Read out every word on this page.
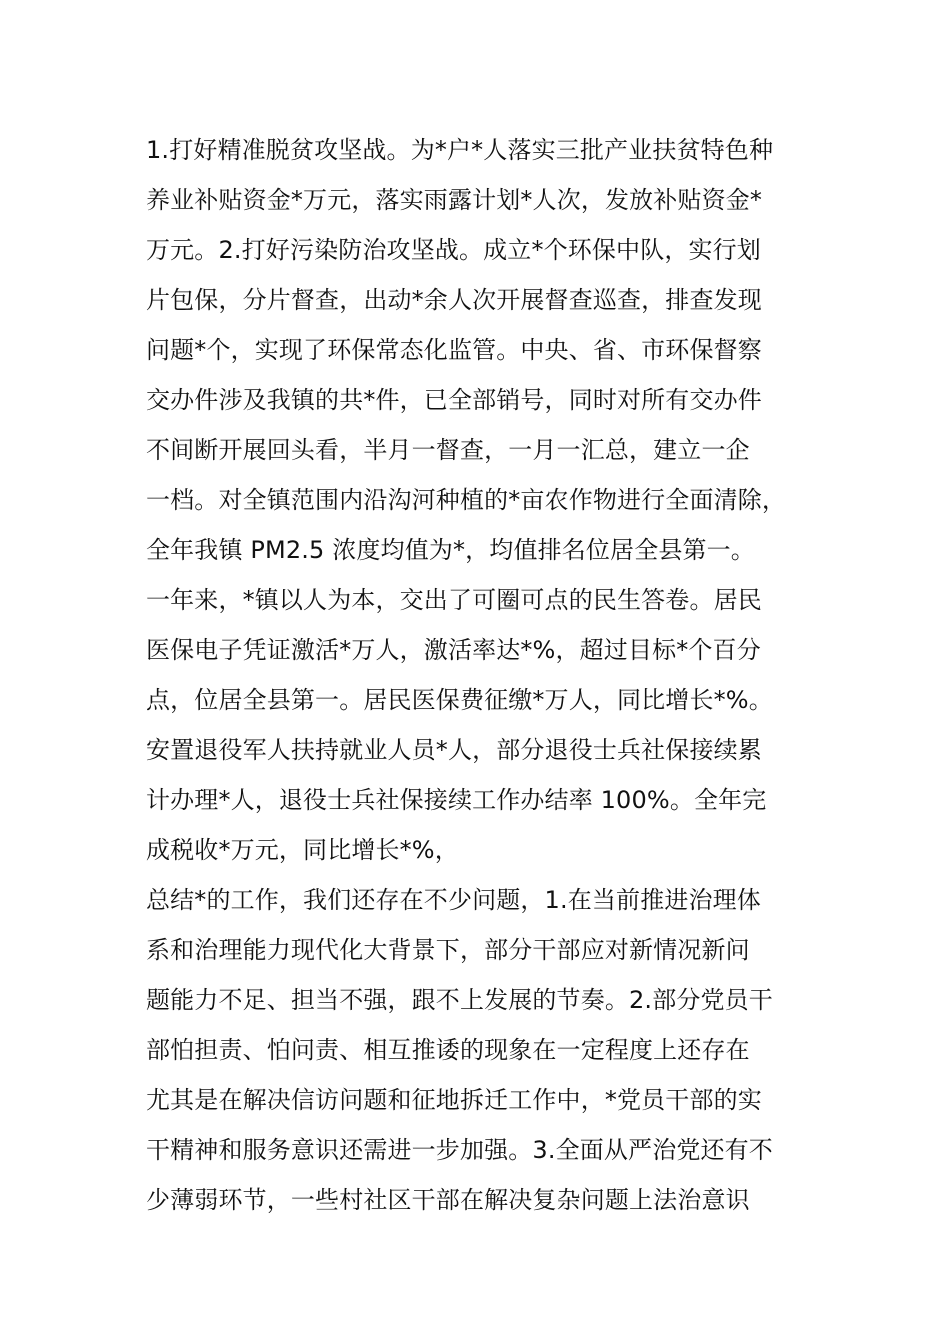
1.打好精准脱贫攻坚战。为*户*人落实三批产业扶贫特色种
养业补贴资金*万元，落实雨露计划*人次，发放补贴资金*
万元。2.打好污染防治攻坚战。成立*个环保中队，实行划
片包保，分片督查，出动*余人次开展督查巡查，排查发现
问题*个，实现了环保常态化监管。中央、省、市环保督察
交办件涉及我镇的共*件，已全部销号，同时对所有交办件
不间断开展回头看，半月一督查，一月一汇总，建立一企
一档。对全镇范围内沿沟河种植的*亩农作物进行全面清除，
全年我镇 PM2.5 浓度均值为*，均值排名位居全县第一。
一年来，*镇以人为本，交出了可圈可点的民生答卷。居民
医保电子凭证激活*万人，激活率达*%，超过目标*个百分
点，位居全县第一。居民医保费征缴*万人，同比增长*%。
安置退役军人扶持就业人员*人，部分退役士兵社保接续累
计办理*人，退役士兵社保接续工作办结率 100%。全年完
成税收*万元，同比增长*%，
总结*的工作，我们还存在不少问题，1.在当前推进治理体
系和治理能力现代化大背景下，部分干部应对新情况新问
题能力不足、担当不强，跟不上发展的节奏。2.部分党员干
部怕担责、怕问责、相互推诿的现象在一定程度上还存在
尤其是在解决信访问题和征地拆迁工作中，*党员干部的实
干精神和服务意识还需进一步加强。3.全面从严治党还有不
少薄弱环节，一些村社区干部在解决复杂问题上法治意识
